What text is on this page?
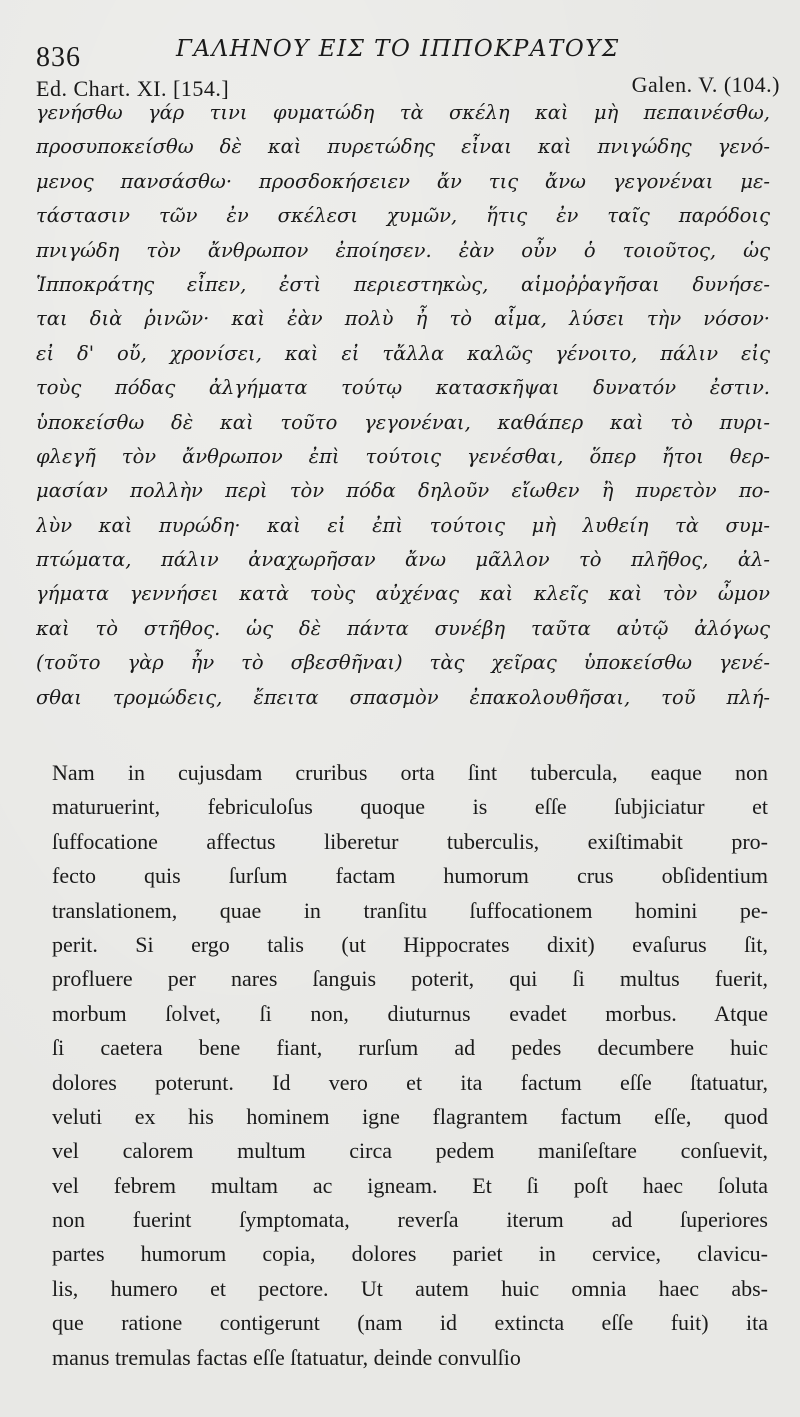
836	ΓΑΛΗΝΟΥ ΕΙΣ ΤΟ ΙΠΠΟΚΡΑΤΟΥΣ
Ed. Chart. XI. [154.]	Galen. V. (104.)
γενήσθω γάρ τινι φυματώδη τὰ σκέλη καὶ μὴ πεπαινέσθω,
προσυποκείσθω δὲ καὶ πυρετώδης εἶναι καὶ πνιγώδης γενό-
μενος πανσάσθω· προσδοκήσειεν ἄν τις ἄνω γεγονέναι με-
τάστασιν τῶν ἐν σκέλεσι χυμῶν, ἥτις ἐν ταῖς παρόδοις
πνιγώδη τὸν ἄνθρωπον ἐποίησεν. ἐὰν οὖν ὁ τοιοῦτος, ὡς
Ἱπποκράτης εἶπεν, ἐστὶ περιεστηκὼς, αἱμοῤῥαγῆσαι δυνήσε-
ται διὰ ῥινῶν· καὶ ἐὰν πολὺ ἦ τὸ αἷμα, λύσει τὴν νόσον·
εἰ δ' οὔ, χρονίσει, καὶ εἰ τἄλλα καλῶς γένοιτο, πάλιν εἰς
τοὺς πόδας ἀλγήματα τούτῳ κατασκῆψαι δυνατόν ἐστιν.
ὑποκείσθω δὲ καὶ τοῦτο γεγονέναι, καθάπερ καὶ τὸ πυρι-
φλεγῆ τὸν ἄνθρωπον ἐπὶ τούτοις γενέσθαι, ὅπερ ἤτοι θερ-
μασίαν πολλὴν περὶ τὸν πόδα δηλοῦν εἴωθεν ἢ πυρετὸν πο-
λὺν καὶ πυρώδη· καὶ εἰ ἐπὶ τούτοις μὴ λυθείη τὰ συμ-
πτώματα, πάλιν ἀναχωρῆσαν ἄνω μᾶλλον τὸ πλῆθος, ἀλ-
γήματα γεννήσει κατὰ τοὺς αὐχένας καὶ κλεῖς καὶ τὸν ὦμον
καὶ τὸ στῆθος. ὡς δὲ πάντα συνέβη ταῦτα αὐτῷ ἀλόγως
(τοῦτο γὰρ ἦν τὸ σβεσθῆναι) τὰς χεῖρας ὑποκείσθω γενέ-
σθαι τρομώδεις, ἔπειτα σπασμὸν ἐπακολουθῆσαι, τοῦ πλή-
Nam in cujusdam cruribus orta ſint tubercula, eaque non
maturuerint, febriculoſus quoque is eſſe ſubjiciatur et
ſuffocatione affectus liberetur tuberculis, exiſtimabit pro-
fecto quis ſurſum factam humorum crus obſidentium
translationem, quae in tranſitu ſuffocationem homini pe-
perit. Si ergo talis (ut Hippocrates dixit) evaſurus ſit,
profluere per nares ſanguis poterit, qui ſi multus fuerit,
morbum ſolvet, ſi non, diuturnus evadet morbus. Atque
ſi caetera bene fiant, rurſum ad pedes decumbere huic
dolores poterunt. Id vero et ita factum eſſe ſtatuatur,
veluti ex his hominem igne flagrantem factum eſſe, quod
vel calorem multum circa pedem maniſeſtare conſuevit,
vel febrem multam ac igneam. Et ſi poſt haec ſoluta
non fuerint ſymptomata, reverſa iterum ad ſuperiores
partes humorum copia, dolores pariet in cervice, clavicu-
lis, humero et pectore. Ut autem huic omnia haec abs-
que ratione contigerunt (nam id extincta eſſe fuit) ita
manus tremulas factas eſſe ſtatuatur, deinde convulſio
